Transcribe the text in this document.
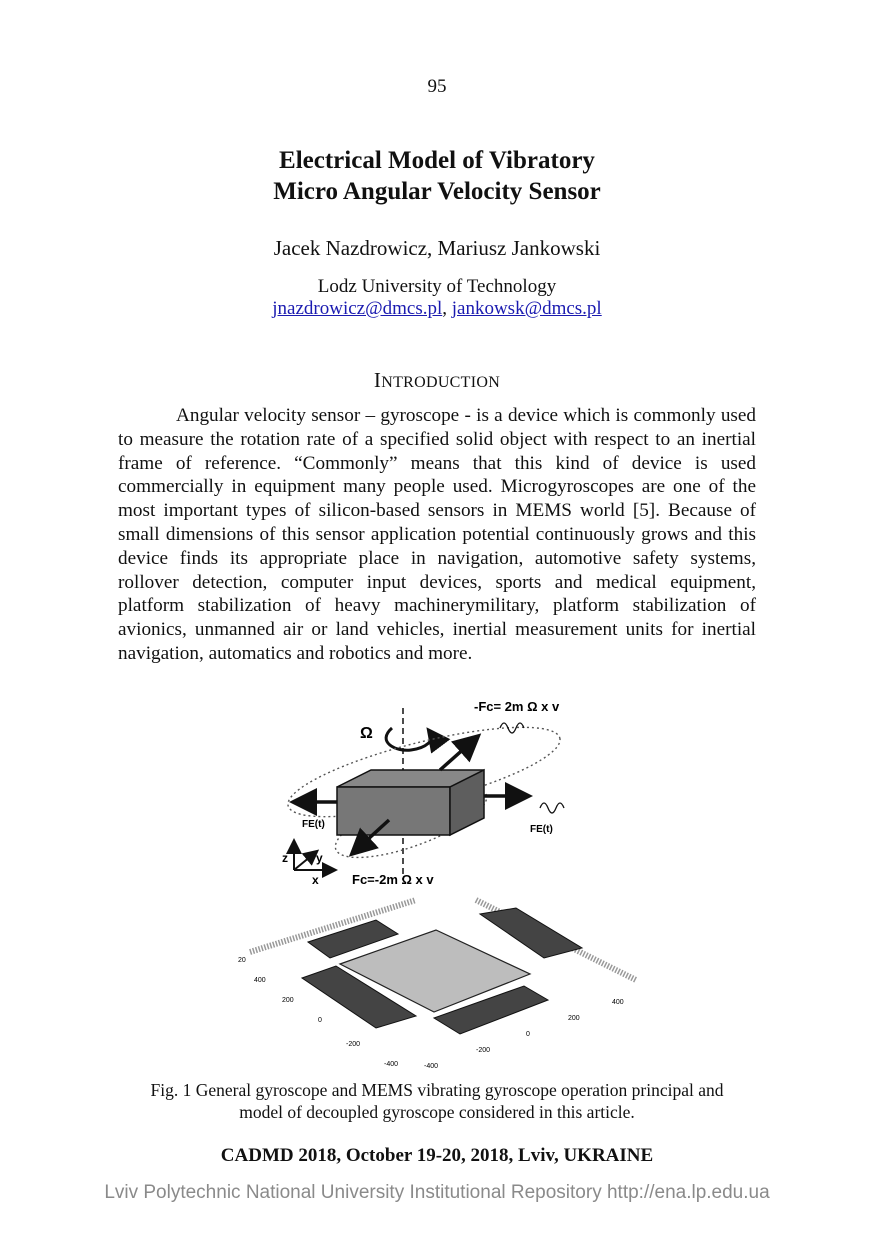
95
Electrical Model of Vibratory
Micro Angular Velocity Sensor
Jacek Nazdrowicz, Mariusz Jankowski
Lodz University of Technology
jnazdrowicz@dmcs.pl, jankowsk@dmcs.pl
INTRODUCTION
Angular velocity sensor – gyroscope - is a device which is commonly used to measure the rotation rate of a specified solid object with respect to an inertial frame of reference. “Commonly” means that this kind of device is used commercially in equipment many people used. Microgyroscopes are one of the most important types of silicon-based sensors in MEMS world [5]. Because of small dimensions of this sensor application potential continuously grows and this device finds its appropriate place in navigation, automotive safety systems, rollover detection, computer input devices, sports and medical equipment, platform stabilization of heavy machinerymilitary, platform stabilization of avionics, unmanned air or land vehicles, inertial measurement units for inertial navigation, automatics and robotics and more.
Ω
-Fc= 2m Ω x v
FE(t)	FE(t)
Fc=-2m Ω x v
z y
x
20
400
200
0
-200
-400	-400
-200
0
200
400
Fig. 1 General gyroscope and MEMS vibrating gyroscope operation principal and
model of decoupled gyroscope considered in this article.
CADMD 2018, October 19-20, 2018, Lviv, UKRAINE
Lviv Polytechnic National University Institutional Repository http://ena.lp.edu.ua
